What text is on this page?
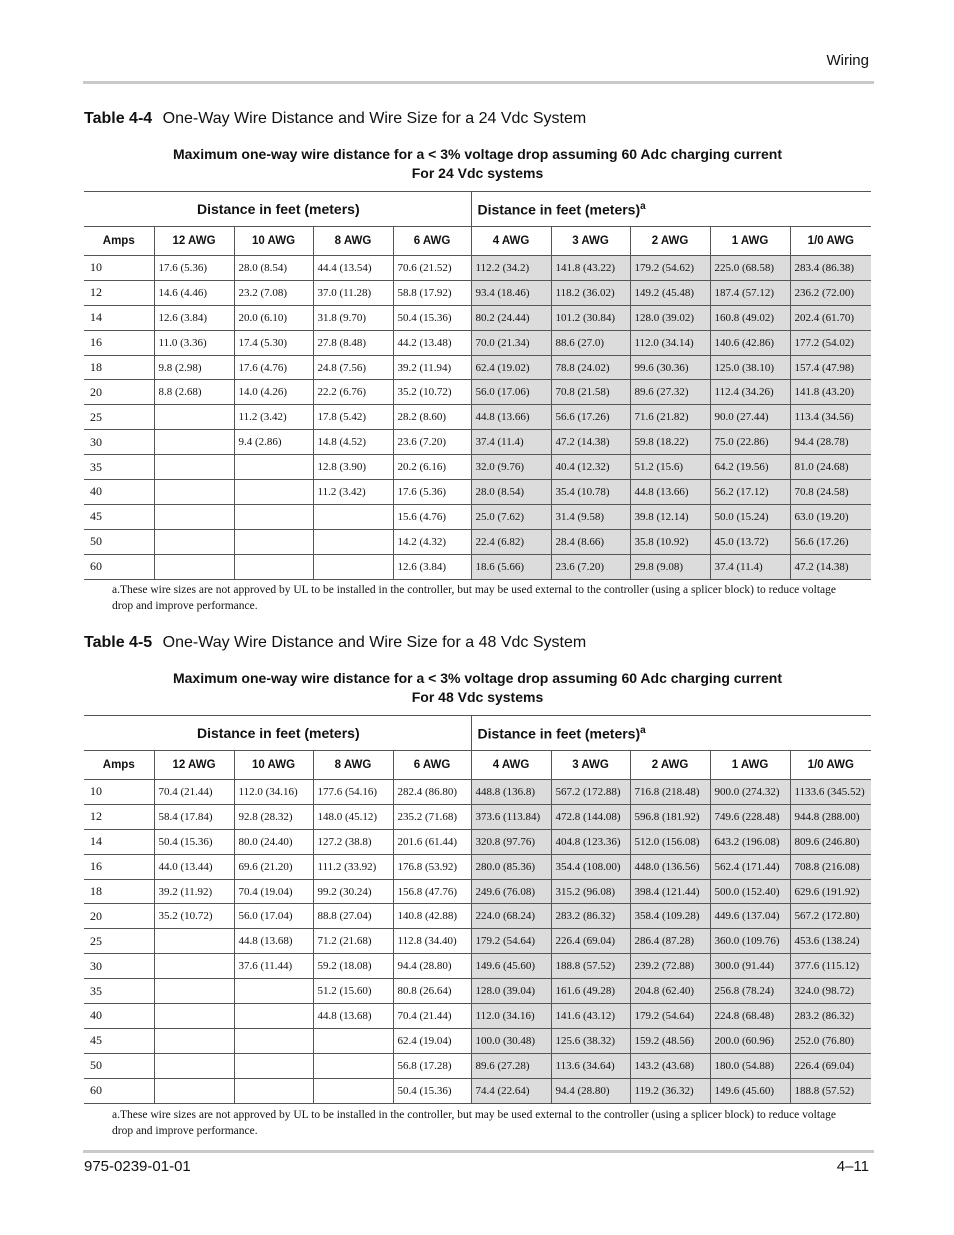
Wiring
Table 4-4 One-Way Wire Distance and Wire Size for a 24 Vdc System
Maximum one-way wire distance for a < 3% voltage drop assuming 60 Adc charging current
For 24 Vdc systems
Distance in feet (meters)					Distance in feet (meters)$^a$
Amps	12 AWG	10 AWG	8 AWG	6 AWG	4 AWG	3 AWG	2 AWG	1 AWG	1/0 AWG
10	17.6 (5.36)	28.0 (8.54)	44.4 (13.54)	70.6 (21.52)	112.2 (34.2)	141.8 (43.22)	179.2 (54.62)	225.0 (68.58)	283.4 (86.38)
12	14.6 (4.46)	23.2 (7.08)	37.0 (11.28)	58.8 (17.92)	93.4 (18.46)	118.2 (36.02)	149.2 (45.48)	187.4 (57.12)	236.2 (72.00)
14	12.6 (3.84)	20.0 (6.10)	31.8 (9.70)	50.4 (15.36)	80.2 (24.44)	101.2 (30.84)	128.0 (39.02)	160.8 (49.02)	202.4 (61.70)
16	11.0 (3.36)	17.4 (5.30)	27.8 (8.48)	44.2 (13.48)	70.0 (21.34)	88.6 (27.0)	112.0 (34.14)	140.6 (42.86)	177.2 (54.02)
18	9.8 (2.98)	17.6 (4.76)	24.8 (7.56)	39.2 (11.94)	62.4 (19.02)	78.8 (24.02)	99.6 (30.36)	125.0 (38.10)	157.4 (47.98)
20	8.8 (2.68)	14.0 (4.26)	22.2 (6.76)	35.2 (10.72)	56.0 (17.06)	70.8 (21.58)	89.6 (27.32)	112.4 (34.26)	141.8 (43.20)
25		11.2 (3.42)	17.8 (5.42)	28.2 (8.60)	44.8 (13.66)	56.6 (17.26)	71.6 (21.82)	90.0 (27.44)	113.4 (34.56)
30		9.4 (2.86)	14.8 (4.52)	23.6 (7.20)	37.4 (11.4)	47.2 (14.38)	59.8 (18.22)	75.0 (22.86)	94.4 (28.78)
35			12.8 (3.90)	20.2 (6.16)	32.0 (9.76)	40.4 (12.32)	51.2 (15.6)	64.2 (19.56)	81.0 (24.68)
40			11.2 (3.42)	17.6 (5.36)	28.0 (8.54)	35.4 (10.78)	44.8 (13.66)	56.2 (17.12)	70.8 (24.58)
45				15.6 (4.76)	25.0 (7.62)	31.4 (9.58)	39.8 (12.14)	50.0 (15.24)	63.0 (19.20)
50				14.2 (4.32)	22.4 (6.82)	28.4 (8.66)	35.8 (10.92)	45.0 (13.72)	56.6 (17.26)
60				12.6 (3.84)	18.6 (5.66)	23.6 (7.20)	29.8 (9.08)	37.4 (11.4)	47.2 (14.38)
a.These wire sizes are not approved by UL to be installed in the controller, but may be used external to the controller (using a splicer block) to reduce voltage drop and improve performance.
Table 4-5 One-Way Wire Distance and Wire Size for a 48 Vdc System
Maximum one-way wire distance for a < 3% voltage drop assuming 60 Adc charging current
For 48 Vdc systems
Distance in feet (meters)					Distance in feet (meters)$^a$
Amps	12 AWG	10 AWG	8 AWG	6 AWG	4 AWG	3 AWG	2 AWG	1 AWG	1/0 AWG
10	70.4 (21.44)	112.0 (34.16)	177.6 (54.16)	282.4 (86.80)	448.8 (136.8)	567.2 (172.88)	716.8 (218.48)	900.0 (274.32)	1133.6 (345.52)
12	58.4 (17.84)	92.8 (28.32)	148.0 (45.12)	235.2 (71.68)	373.6 (113.84)	472.8 (144.08)	596.8 (181.92)	749.6 (228.48)	944.8 (288.00)
14	50.4 (15.36)	80.0 (24.40)	127.2 (38.8)	201.6 (61.44)	320.8 (97.76)	404.8 (123.36)	512.0 (156.08)	643.2 (196.08)	809.6 (246.80)
16	44.0 (13.44)	69.6 (21.20)	111.2 (33.92)	176.8 (53.92)	280.0 (85.36)	354.4 (108.00)	448.0 (136.56)	562.4 (171.44)	708.8 (216.08)
18	39.2 (11.92)	70.4 (19.04)	99.2 (30.24)	156.8 (47.76)	249.6 (76.08)	315.2 (96.08)	398.4 (121.44)	500.0 (152.40)	629.6 (191.92)
20	35.2 (10.72)	56.0 (17.04)	88.8 (27.04)	140.8 (42.88)	224.0 (68.24)	283.2 (86.32)	358.4 (109.28)	449.6 (137.04)	567.2 (172.80)
25		44.8 (13.68)	71.2 (21.68)	112.8 (34.40)	179.2 (54.64)	226.4 (69.04)	286.4 (87.28)	360.0 (109.76)	453.6 (138.24)
30		37.6 (11.44)	59.2 (18.08)	94.4 (28.80)	149.6 (45.60)	188.8 (57.52)	239.2 (72.88)	300.0 (91.44)	377.6 (115.12)
35			51.2 (15.60)	80.8 (26.64)	128.0 (39.04)	161.6 (49.28)	204.8 (62.40)	256.8 (78.24)	324.0 (98.72)
40			44.8 (13.68)	70.4 (21.44)	112.0 (34.16)	141.6 (43.12)	179.2 (54.64)	224.8 (68.48)	283.2 (86.32)
45				62.4 (19.04)	100.0 (30.48)	125.6 (38.32)	159.2 (48.56)	200.0 (60.96)	252.0 (76.80)
50				56.8 (17.28)	89.6 (27.28)	113.6 (34.64)	143.2 (43.68)	180.0 (54.88)	226.4 (69.04)
60				50.4 (15.36)	74.4 (22.64)	94.4 (28.80)	119.2 (36.32)	149.6 (45.60)	188.8 (57.52)
a.These wire sizes are not approved by UL to be installed in the controller, but may be used external to the controller (using a splicer block) to reduce voltage drop and improve performance.
975-0239-01-01	4–11
